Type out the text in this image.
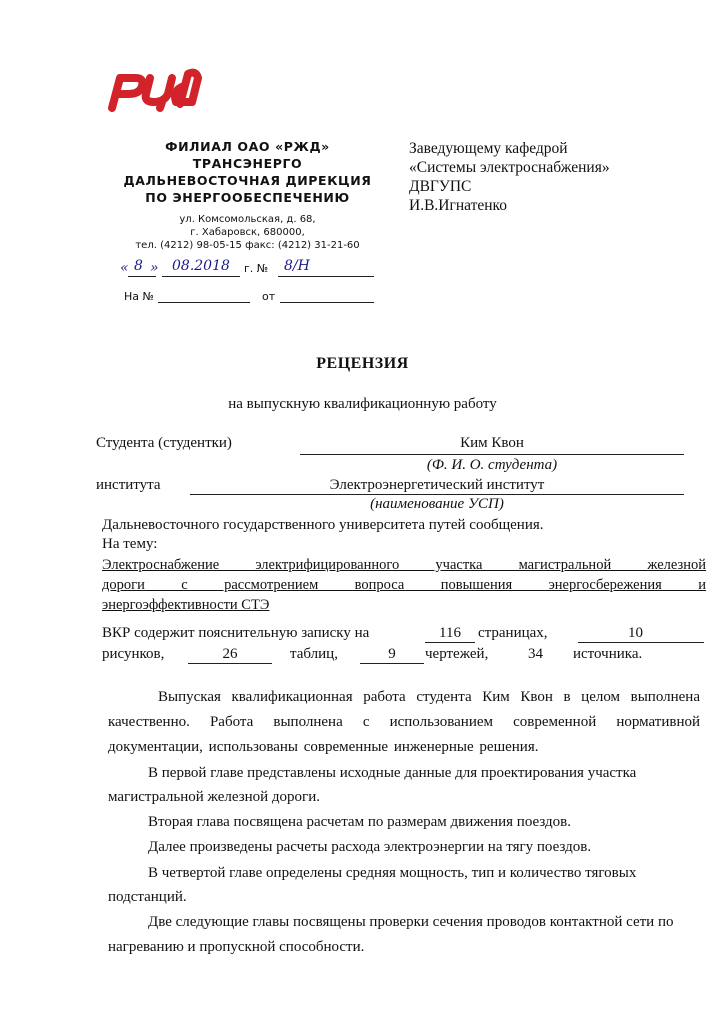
ФИЛИАЛ ОАО «РЖД»
ТРАНСЭНЕРГО
ДАЛЬНЕВОСТОЧНАЯ ДИРЕКЦИЯ
ПО ЭНЕРГООБЕСПЕЧЕНИЮ
ул. Комсомольская, д. 68,
г. Хабаровск, 680000,
тел. (4212) 98-05-15 факс: (4212) 31-21-60
« 8 » 08.2018 г. № 8/Н
На №	от
Заведующему кафедрой
«Системы электроснабжения»
ДВГУПС
И.В.Игнатенко
РЕЦЕНЗИЯ
на выпускную квалификационную работу
Студента (студентки)	Ким Квон
(Ф. И. О. студента)
института	Электроэнергетический институт
(наименование УСП)
Дальневосточного государственного университета путей сообщения.
На тему:
Электроснабжение электрифицированного участка магистральной железной
дороги с рассмотрением вопроса повышения энергосбережения и
энергоэффективности СТЭ
ВКР содержит пояснительную записку на	116	страницах,	10
рисунков,	26	таблиц,	9	чертежей,	34 источника.
Выпуская квалификационная работа студента Ким Квон в целом выполнена качественно. Работа выполнена с использованием современной нормативной документации, использованы современные инженерные решения.
В первой главе представлены исходные данные для проектирования участка магистральной железной дороги.
Вторая глава посвящена расчетам по размерам движения поездов.
Далее произведены расчеты расхода электроэнергии на тягу поездов.
В четвертой главе определены средняя мощность, тип и количество тяговых подстанций.
Две следующие главы посвящены проверки сечения проводов контактной сети по нагреванию и пропускной способности.
